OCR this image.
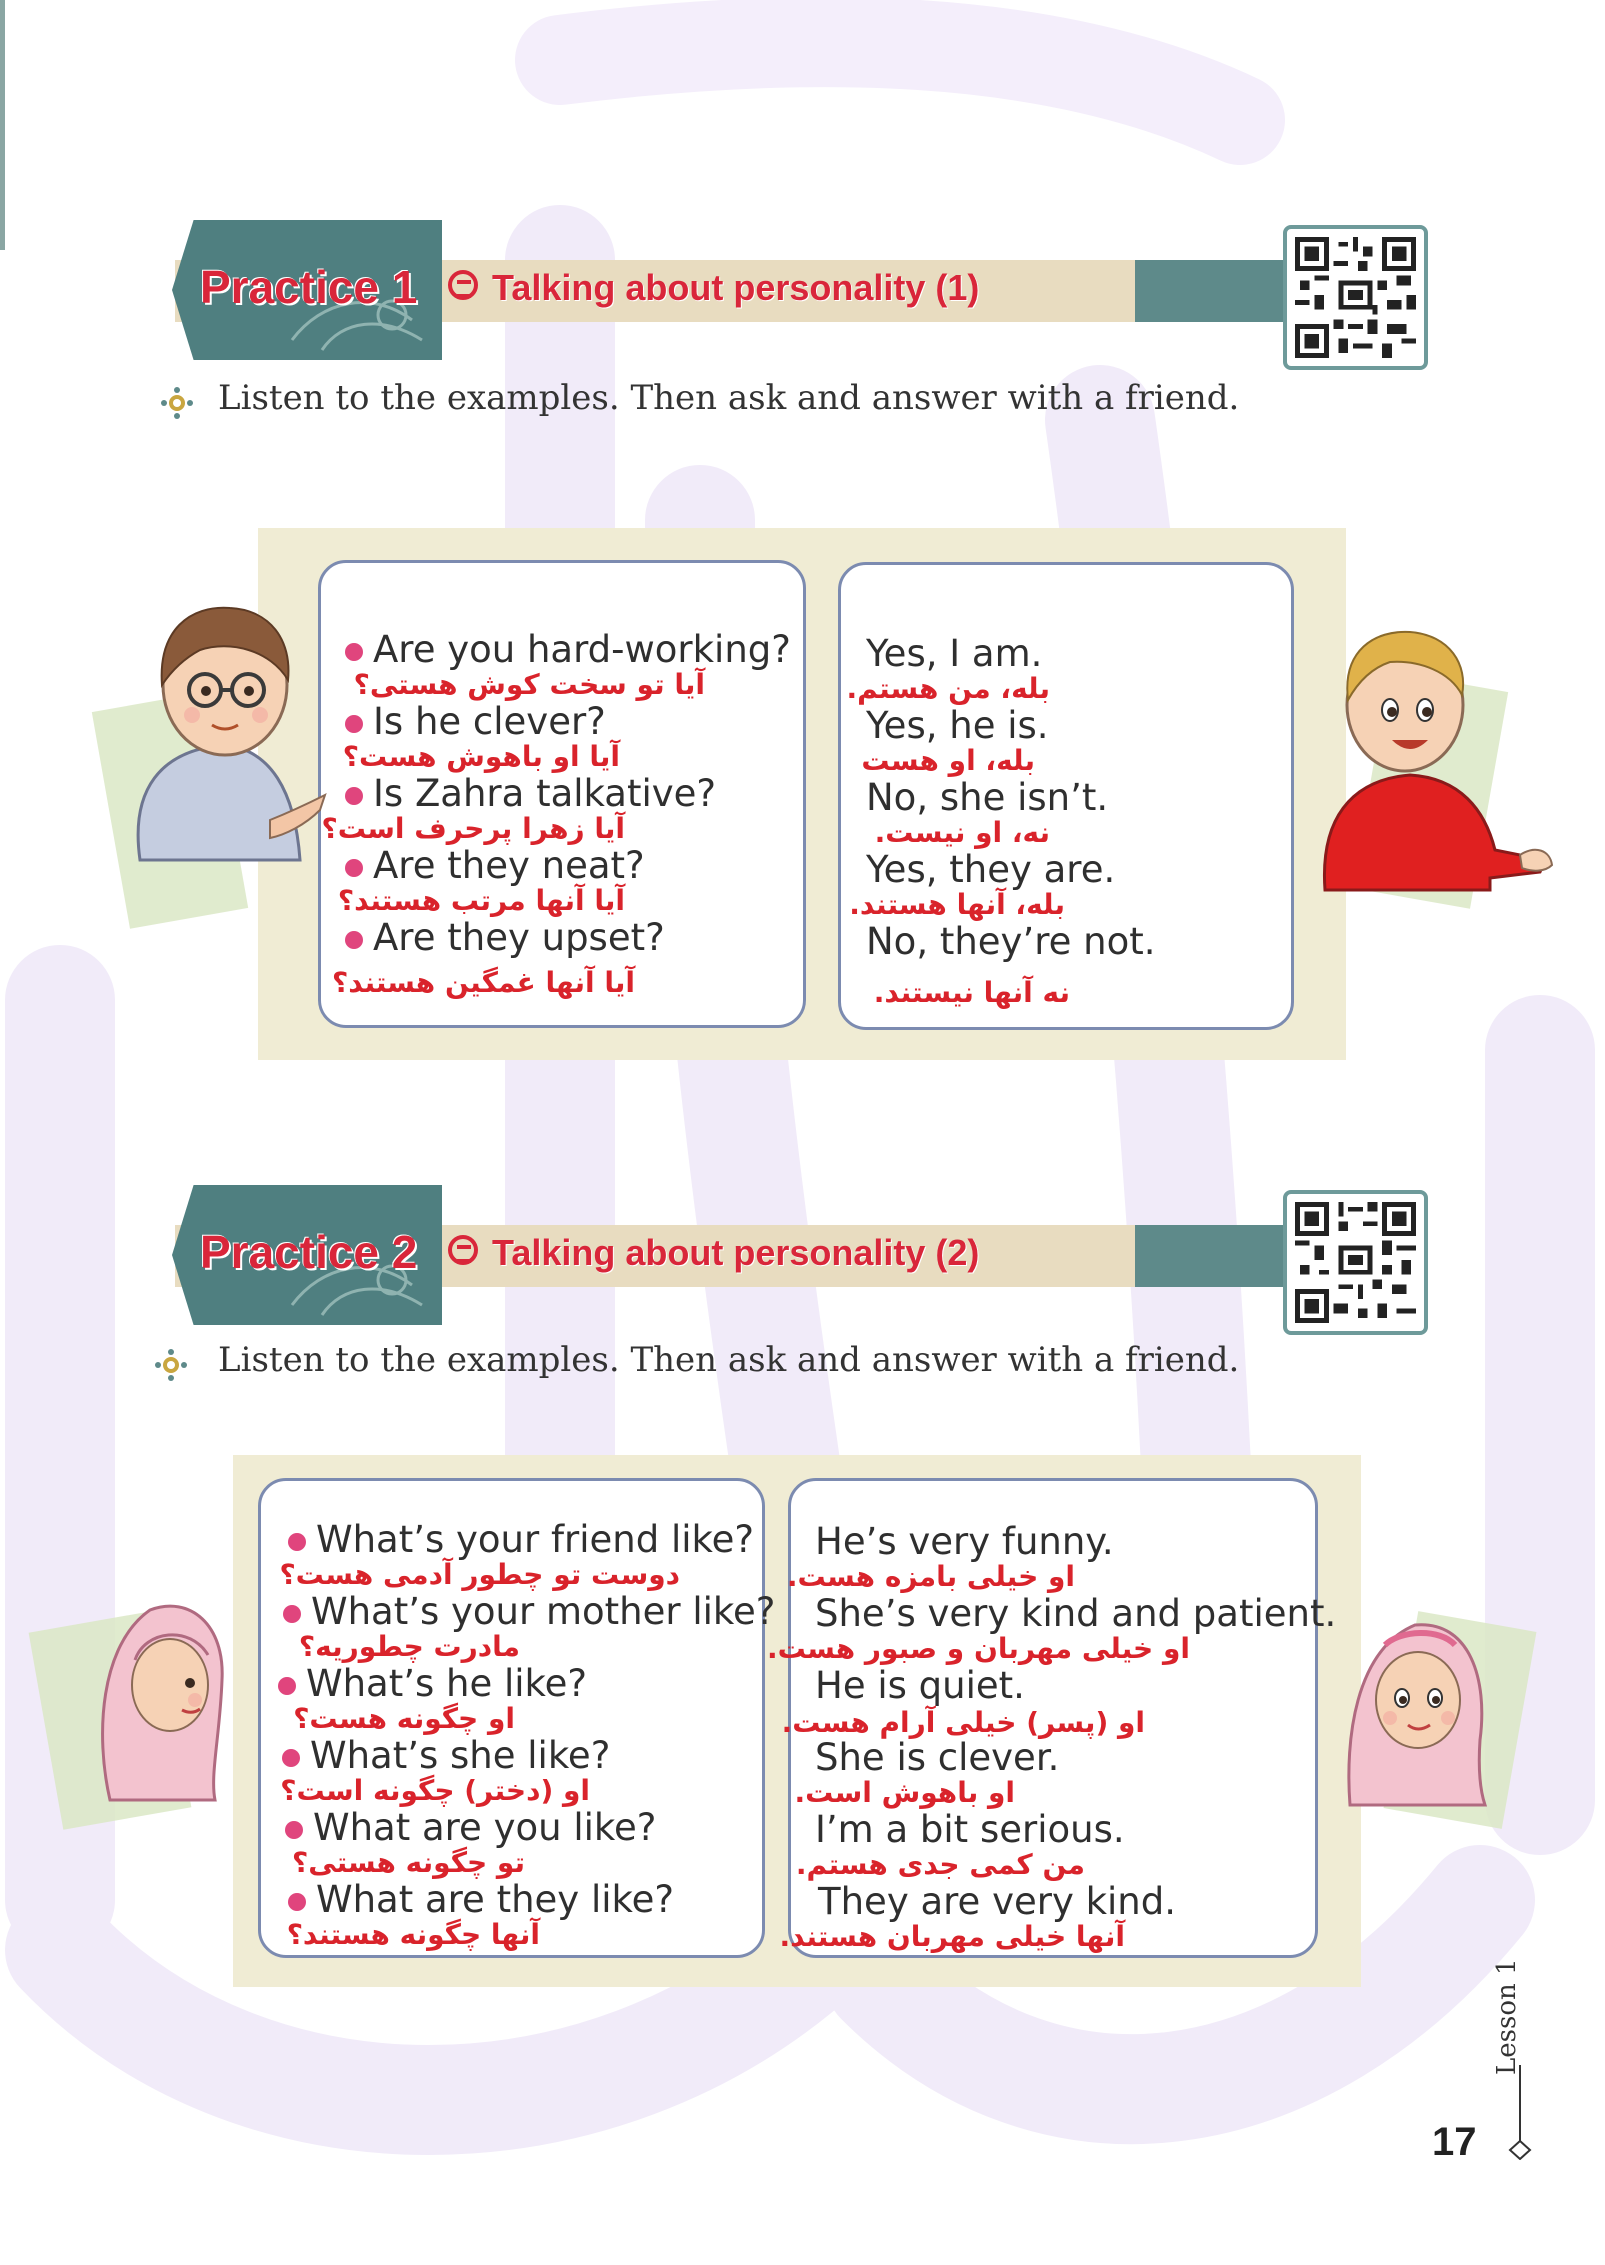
Practice 1 Talking about personality (1)
Listen to the examples. Then ask and answer with a friend.
Are you hard-working?
آیا تو سخت کوش هستی؟
Is he clever?
آیا او باهوش هست؟
Is Zahra talkative?
آیا زهرا پرحرف است؟
Are they neat?
آیا آنها مرتب هستند؟
Are they upset?
آیا آنها غمگین هستند؟
Yes, I am.
بله، من هستم.
Yes, he is.
بله، او هست
No, she isn’t.
نه، او نیست.
Yes, they are.
بله، آنها هستند.
No, they’re not.
نه آنها نیستند.
Practice 2 Talking about personality (2)
Listen to the examples. Then ask and answer with a friend.
What’s your friend like?
دوست تو چطور آدمی هست؟
What’s your mother like?
مادرت چطوریه؟
What’s he like?
او چگونه هست؟
What’s she like?
او (دختر) چگونه است؟
What are you like?
تو چگونه هستی؟
What are they like?
آنها چگونه هستند؟
He’s very funny.
او خیلی بامزه هست.
She’s very kind and patient.
او خیلی مهربان و صبور هست.
He is quiet.
او (پسر) خیلی آرام هست.
She is clever.
او باهوش است.
I’m a bit serious.
من کمی جدی هستم.
They are very kind.
آنها خیلی مهربان هستند.
Lesson 1
17
